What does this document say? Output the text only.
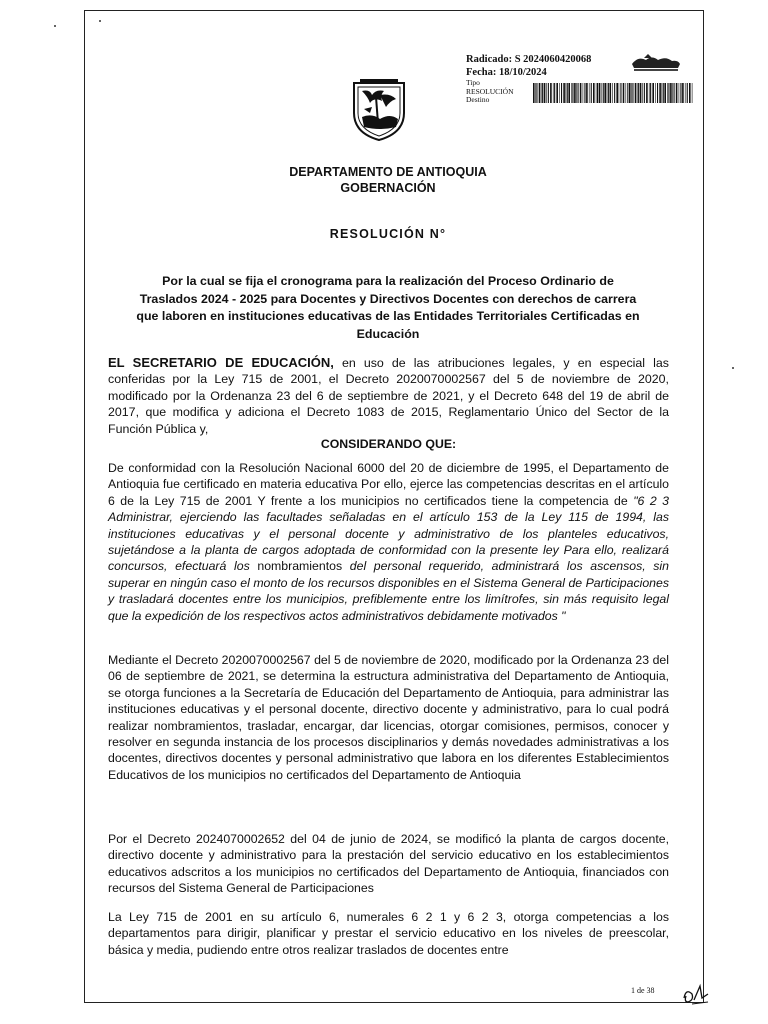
Radicado: S 2024060420068
Fecha: 18/10/2024
Tipo
RESOLUCIÓN
Destino
DEPARTAMENTO DE ANTIOQUIA
GOBERNACIÓN
RESOLUCIÓN N°
Por la cual se fija el cronograma para la realización del Proceso Ordinario de
Traslados 2024 - 2025 para Docentes y Directivos Docentes con derechos de carrera
que laboren en instituciones educativas de las Entidades Territoriales Certificadas en
Educación
EL SECRETARIO DE EDUCACIÓN, en uso de las atribuciones legales, y en especial las conferidas por la Ley 715 de 2001, el Decreto 2020070002567 del 5 de noviembre de 2020, modificado por la Ordenanza 23 del 6 de septiembre de 2021, y el Decreto 648 del 19 de abril de 2017, que modifica y adiciona el Decreto 1083 de 2015, Reglamentario Único del Sector de la Función Pública y,
CONSIDERANDO QUE:
De conformidad con la Resolución Nacional 6000 del 20 de diciembre de 1995, el Departamento de Antioquia fue certificado en materia educativa Por ello, ejerce las competencias descritas en el artículo 6 de la Ley 715 de 2001 Y frente a los municipios no certificados tiene la competencia de "6 2 3 Administrar, ejerciendo las facultades señaladas en el artículo 153 de la Ley 115 de 1994, las instituciones educativas y el personal docente y administrativo de los planteles educativos, sujetándose a la planta de cargos adoptada de conformidad con la presente ley Para ello, realizará concursos, efectuará los nombramientos del personal requerido, administrará los ascensos, sin superar en ningún caso el monto de los recursos disponibles en el Sistema General de Participaciones y trasladará docentes entre los municipios, prefiblemente entre los limítrofes, sin más requisito legal que la expedición de los respectivos actos administrativos debidamente motivados "
Mediante el Decreto 2020070002567 del 5 de noviembre de 2020, modificado por la Ordenanza 23 del 06 de septiembre de 2021, se determina la estructura administrativa del Departamento de Antioquia, se otorga funciones a la Secretaría de Educación del Departamento de Antioquia, para administrar las instituciones educativas y el personal docente, directivo docente y administrativo, para lo cual podrá realizar nombramientos, trasladar, encargar, dar licencias, otorgar comisiones, permisos, conocer y resolver en segunda instancia de los procesos disciplinarios y demás novedades administrativas a los docentes, directivos docentes y personal administrativo que labora en los diferentes Establecimientos Educativos de los municipios no certificados del Departamento de Antioquia
Por el Decreto 2024070002652 del 04 de junio de 2024, se modificó la planta de cargos docente, directivo docente y administrativo para la prestación del servicio educativo en los establecimientos educativos adscritos a los municipios no certificados del Departamento de Antioquia, financiados con recursos del Sistema General de Participaciones
La Ley 715 de 2001 en su artículo 6, numerales 6 2 1 y 6 2 3, otorga competencias a los departamentos para dirigir, planificar y prestar el servicio educativo en los niveles de preescolar, básica y media, pudiendo entre otros realizar traslados de docentes entre
1 de 38
